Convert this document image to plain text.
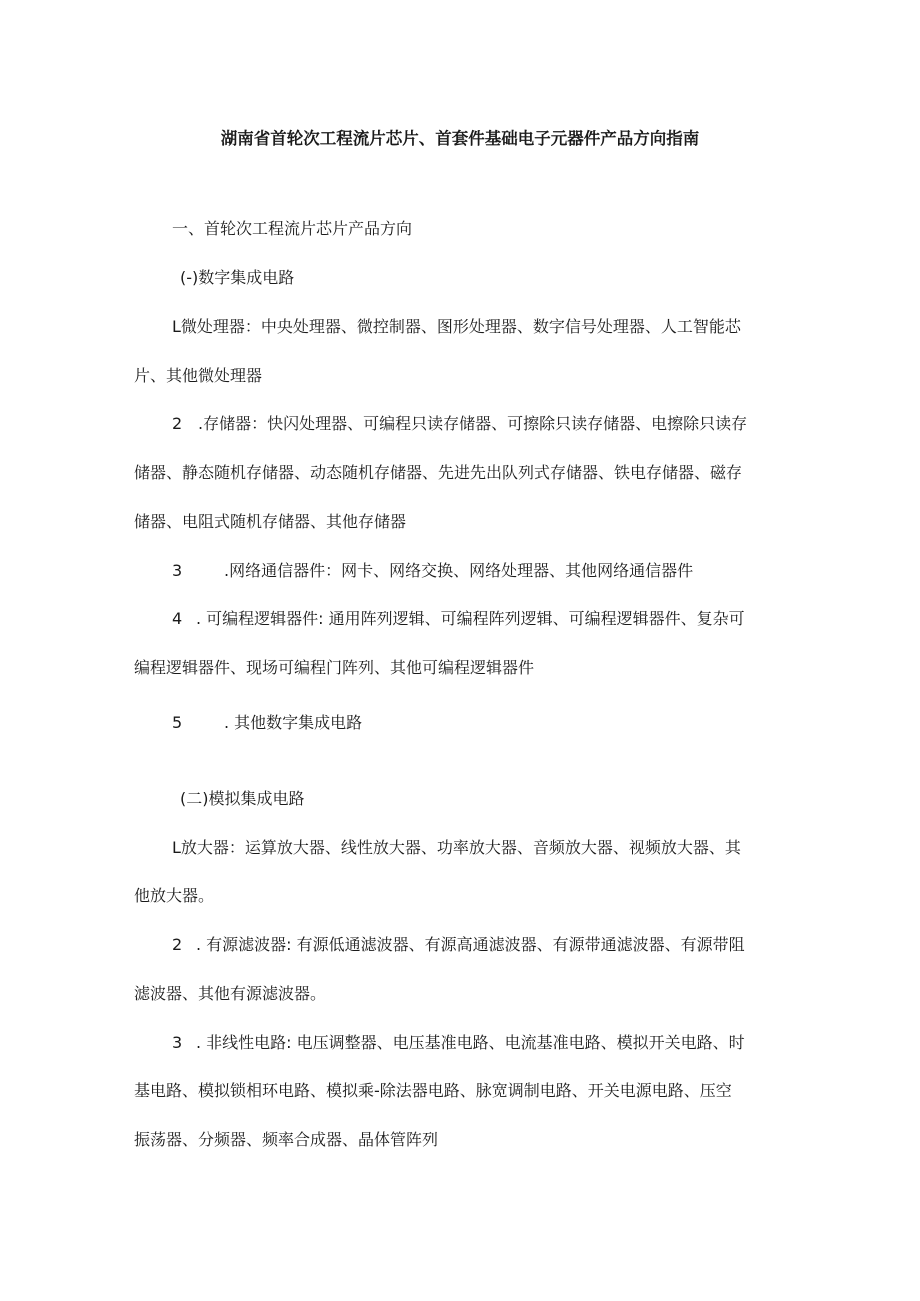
湖南省首轮次工程流片芯片、首套件基础电子元器件产品方向指南
一、首轮次工程流片芯片产品方向
(-)数字集成电路
L微处理器：中央处理器、微控制器、图形处理器、数字信号处理器、人工智能芯
片、其他微处理器
2 .存储器：快闪处理器、可编程只读存储器、可擦除只读存储器、电擦除只读存
储器、静态随机存储器、动态随机存储器、先进先出队列式存储器、铁电存储器、磁存
储器、电阻式随机存储器、其他存储器
3	.网络通信器件：网卡、网络交换、网络处理器、其他网络通信器件
4 . 可编程逻辑器件: 通用阵列逻辑、可编程阵列逻辑、可编程逻辑器件、复杂可
编程逻辑器件、现场可编程门阵列、其他可编程逻辑器件
5	. 其他数字集成电路
(二)模拟集成电路
L放大器：运算放大器、线性放大器、功率放大器、音频放大器、视频放大器、其
他放大器。
2 . 有源滤波器: 有源低通滤波器、有源高通滤波器、有源带通滤波器、有源带阻
滤波器、其他有源滤波器。
3 . 非线性电路: 电压调整器、电压基准电路、电流基准电路、模拟开关电路、时
基电路、模拟锁相环电路、模拟乘-除法器电路、脉宽调制电路、开关电源电路、压空
振荡器、分频器、频率合成器、晶体管阵列
